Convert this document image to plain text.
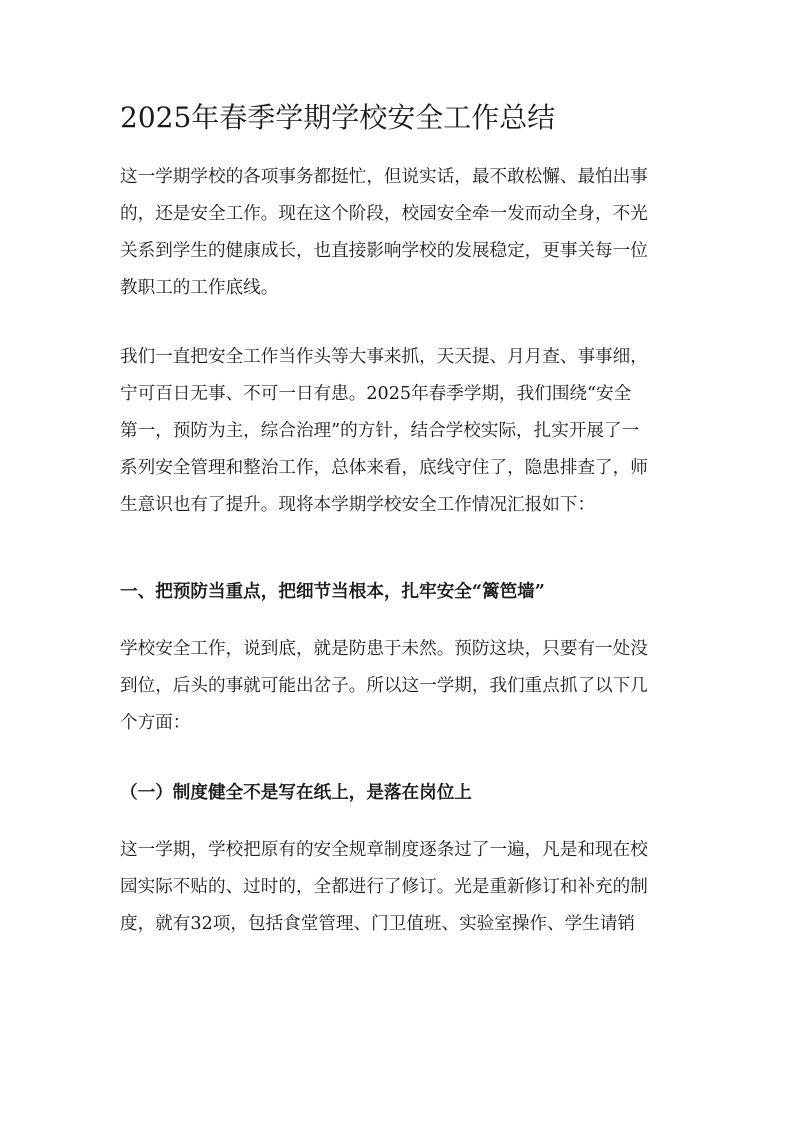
2025年春季学期学校安全工作总结
这一学期学校的各项事务都挺忙，但说实话，最不敢松懈、最怕出事
的，还是安全工作。现在这个阶段，校园安全牵一发而动全身，不光
关系到学生的健康成长，也直接影响学校的发展稳定，更事关每一位
教职工的工作底线。
我们一直把安全工作当作头等大事来抓，天天提、月月查、事事细，
宁可百日无事、不可一日有患。2025年春季学期，我们围绕“安全
第一，预防为主，综合治理”的方针，结合学校实际，扎实开展了一
系列安全管理和整治工作，总体来看，底线守住了，隐患排查了，师
生意识也有了提升。现将本学期学校安全工作情况汇报如下：
一、把预防当重点，把细节当根本，扎牢安全“篱笆墙”
学校安全工作，说到底，就是防患于未然。预防这块，只要有一处没
到位，后头的事就可能出岔子。所以这一学期，我们重点抓了以下几
个方面：
（一）制度健全不是写在纸上，是落在岗位上
这一学期，学校把原有的安全规章制度逐条过了一遍，凡是和现在校
园实际不贴的、过时的，全都进行了修订。光是重新修订和补充的制
度，就有32项，包括食堂管理、门卫值班、实验室操作、学生请销
